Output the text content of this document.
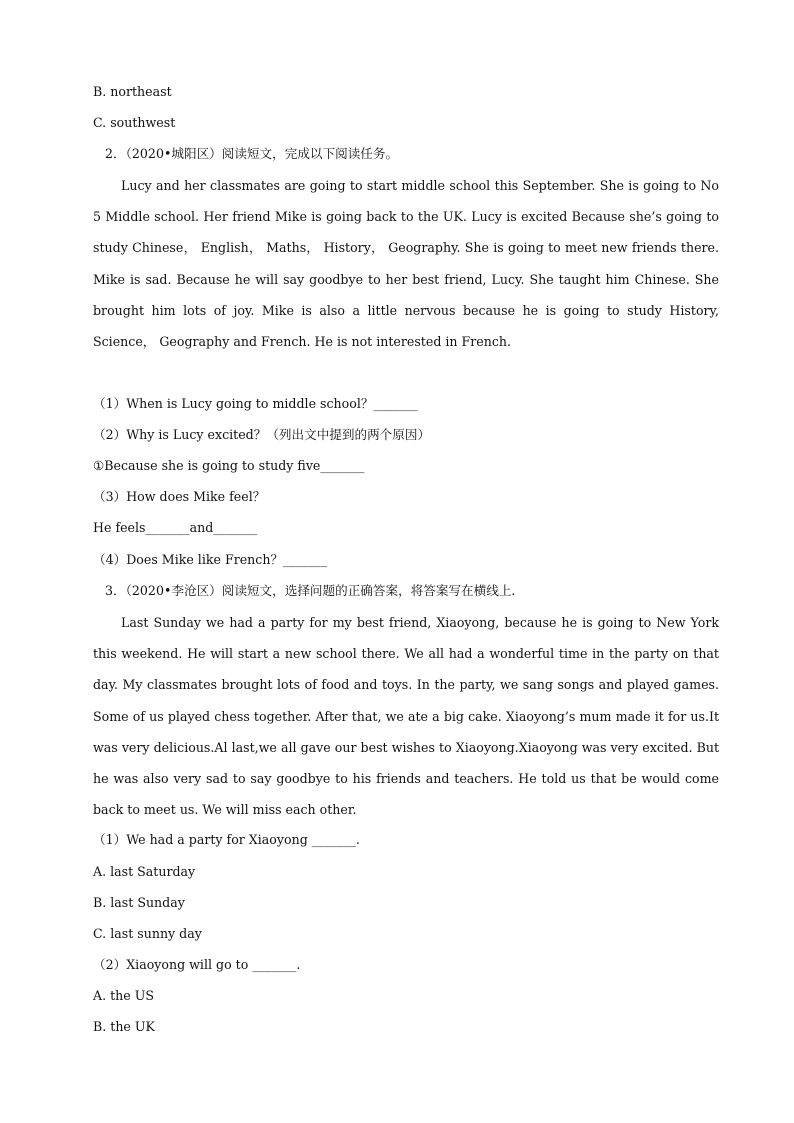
B. northeast
C. southwest
2．（2020•城阳区）阅读短文，完成以下阅读任务。
Lucy and her classmates are going to start middle school this September. She is going to No 5 Middle school. Her friend Mike is going back to the UK. Lucy is excited Because she’s going to study Chinese， English， Maths， History， Geography. She is going to meet new friends there. Mike is sad. Because he will say goodbye to her best friend, Lucy. She taught him Chinese. She brought him lots of joy. Mike is also a little nervous because he is going to study History, Science， Geography and French. He is not interested in French.
（1）When is Lucy going to middle school？_______
（2）Why is Lucy excited？（列出文中提到的两个原因）
①Because she is going to study five_______
（3）How does Mike feel？
He feels_______and_______
（4）Does Mike like French？_______
3．（2020•李沧区）阅读短文，选择问题的正确答案，将答案写在横线上.
Last Sunday we had a party for my best friend, Xiaoyong, because he is going to New York this weekend. He will start a new school there. We all had a wonderful time in the party on that day. My classmates brought lots of food and toys. In the party, we sang songs and played games. Some of us played chess together. After that, we ate a big cake. Xiaoyong’s mum made it for us.It was very delicious.Al last,we all gave our best wishes to Xiaoyong.Xiaoyong was very excited. But he was also very sad to say goodbye to his friends and teachers. He told us that be would come back to meet us. We will miss each other.
（1）We had a party for Xiaoyong _______.
A. last Saturday
B. last Sunday
C. last sunny day
（2）Xiaoyong will go to _______.
A. the US
B. the UK
